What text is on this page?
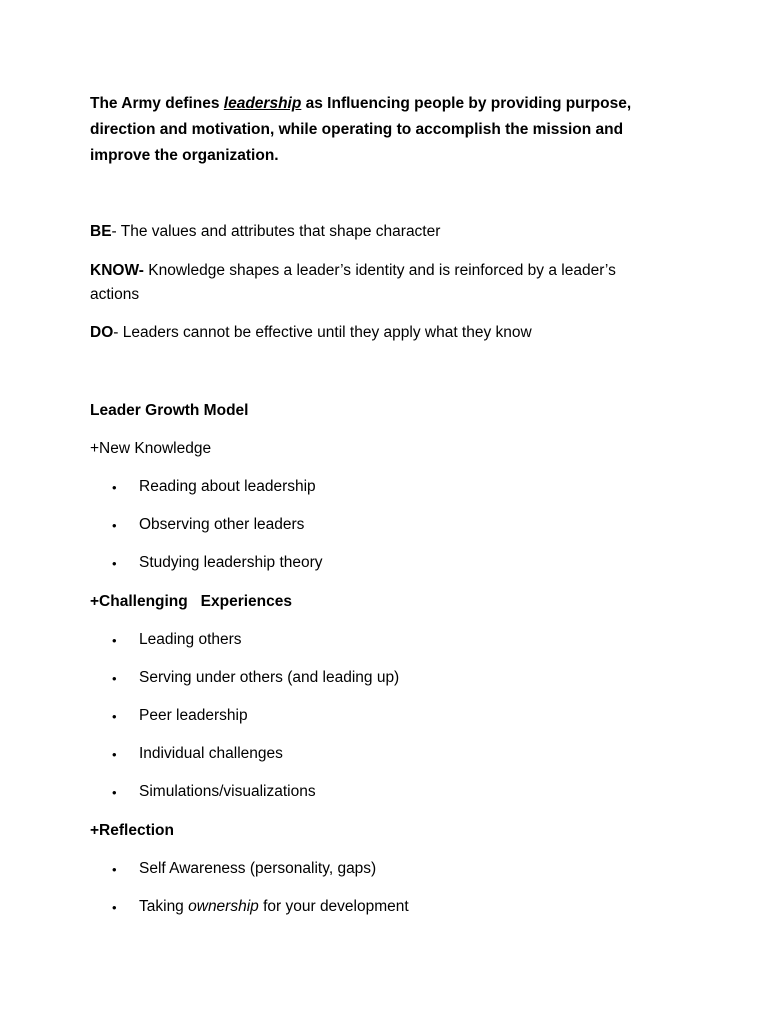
The Army defines leadership as Influencing people by providing purpose,
direction and motivation, while operating to accomplish the mission and
improve the organization.
BE- The values and attributes that shape character
KNOW- Knowledge shapes a leader’s identity and is reinforced by a leader’s
actions
DO- Leaders cannot be effective until they apply what they know
Leader Growth Model
+New Knowledge
• Reading about leadership
• Observing other leaders
• Studying leadership theory
+Challenging   Experiences
• Leading others
• Serving under others (and leading up)
• Peer leadership
• Individual challenges
• Simulations/visualizations
+Reflection
• Self Awareness (personality, gaps)
• Taking ownership for your development
